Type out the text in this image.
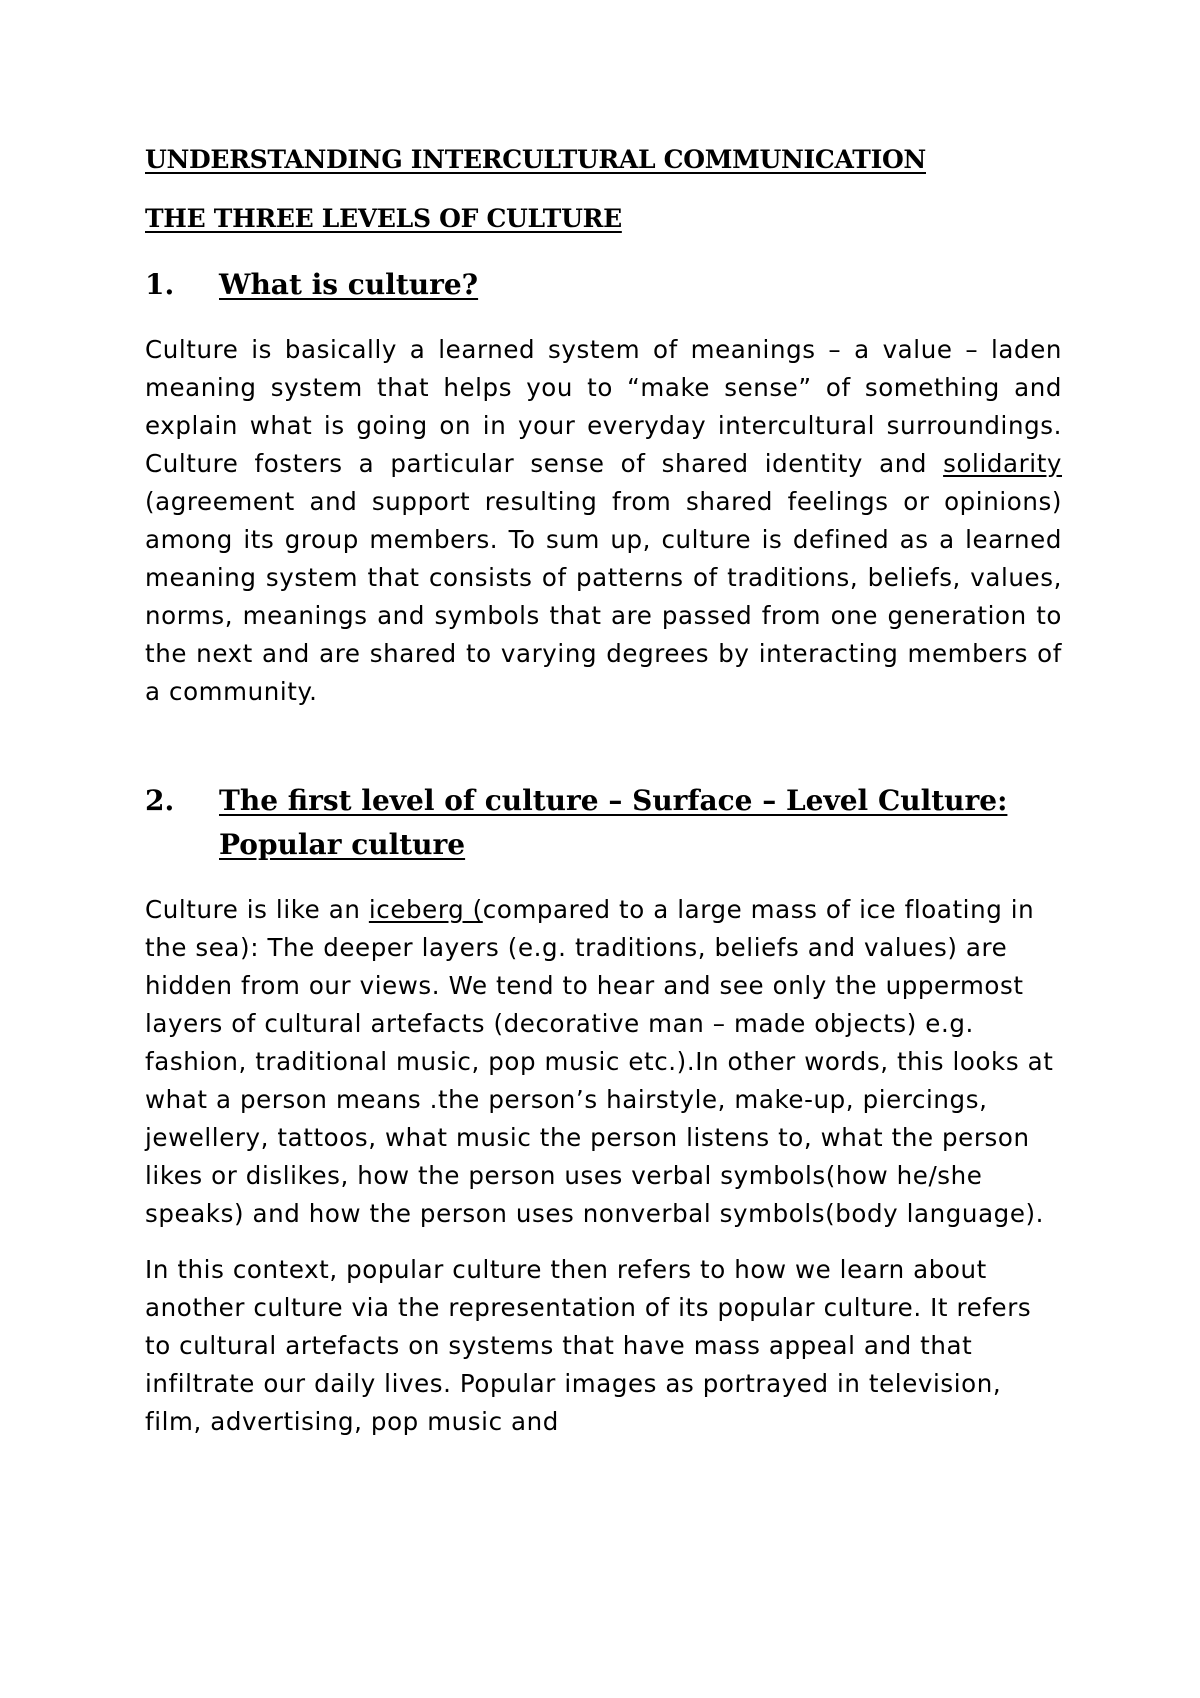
UNDERSTANDING INTERCULTURAL COMMUNICATION
THE THREE LEVELS OF CULTURE
1.	What is culture?

Culture is basically a learned system of meanings – a value – laden meaning system that helps you to “make sense” of something and explain what is going on in your everyday intercultural surroundings. Culture fosters a particular sense of shared identity and solidarity (agreement and support resulting from shared feelings or opinions) among its group members. To sum up, culture is defined as a learned meaning system that consists of patterns of traditions, beliefs, values, norms, meanings and symbols that are passed from one generation to the next and are shared to varying degrees by interacting members of a community.

2.	The first level of culture – Surface – Level Culture:
Popular culture

Culture is like an iceberg (compared to a large mass of ice floating in the sea): The deeper layers (e.g. traditions, beliefs and values) are hidden from our views. We tend to hear and see only the uppermost layers of cultural artefacts (decorative man – made objects) e.g. fashion, traditional music, pop music etc.).In other words, this looks at what a person means .the person’s hairstyle, make-up, piercings, jewellery, tattoos, what music the person listens to, what the person likes or dislikes, how the person uses verbal symbols(how he/she speaks) and how the person uses nonverbal symbols(body language).

In this context, popular culture then refers to how we learn about another culture via the representation of its popular culture. It refers to cultural artefacts on systems that have mass appeal and that infiltrate our daily lives. Popular images as portrayed in television, film, advertising, pop music and
